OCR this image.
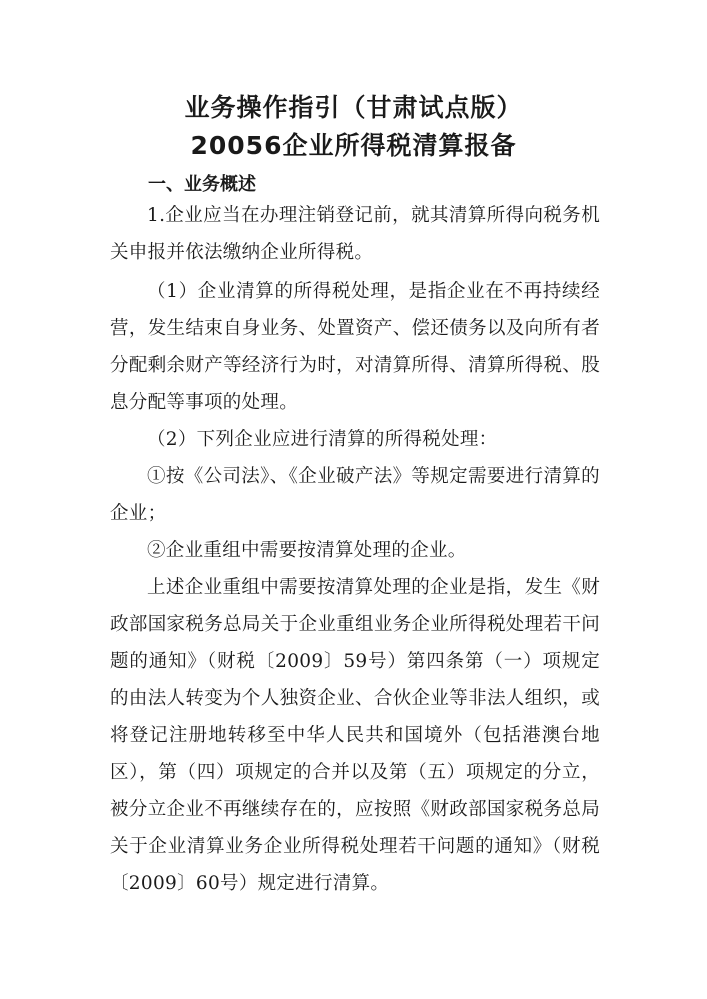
业务操作指引（甘肃试点版）
20056企业所得税清算报备
一、业务概述

1.企业应当在办理注销登记前，就其清算所得向税务机关申报并依法缴纳企业所得税。

（1）企业清算的所得税处理，是指企业在不再持续经营，发生结束自身业务、处置资产、偿还债务以及向所有者分配剩余财产等经济行为时，对清算所得、清算所得税、股息分配等事项的处理。

（2）下列企业应进行清算的所得税处理：

①按《公司法》、《企业破产法》等规定需要进行清算的企业；

②企业重组中需要按清算处理的企业。

上述企业重组中需要按清算处理的企业是指，发生《财政部国家税务总局关于企业重组业务企业所得税处理若干问题的通知》（财税〔2009〕59号）第四条第（一）项规定的由法人转变为个人独资企业、合伙企业等非法人组织，或将登记注册地转移至中华人民共和国境外（包括港澳台地区），第（四）项规定的合并以及第（五）项规定的分立，被分立企业不再继续存在的，应按照《财政部国家税务总局关于企业清算业务企业所得税处理若干问题的通知》（财税〔2009〕60号）规定进行清算。
